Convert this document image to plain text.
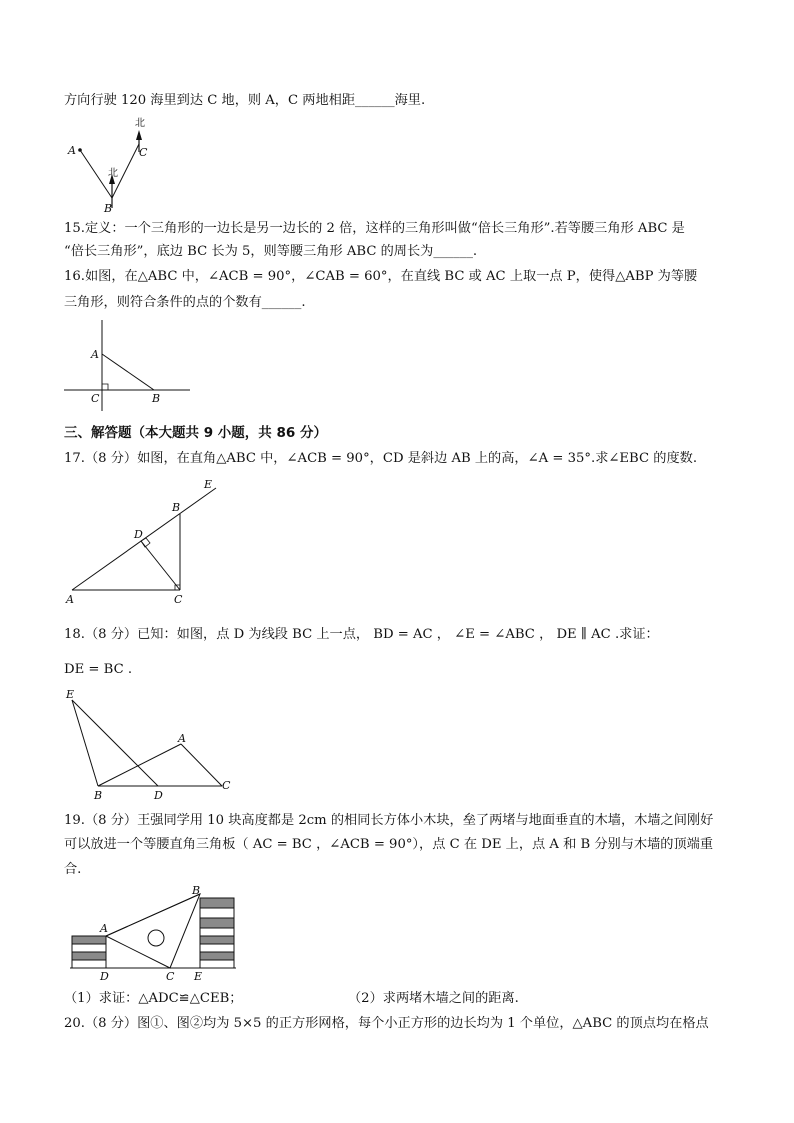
方向行驶 120 海里到达 C 地，则 A，C 两地相距______海里.
北
北
A
B
C
15.定义：一个三角形的一边长是另一边长的 2 倍，这样的三角形叫做“倍长三角形”.若等腰三角形 ABC 是
“倍长三角形”，底边 BC 长为 5，则等腰三角形 ABC 的周长为______.
16.如图，在△ABC 中，∠ACB = 90°，∠CAB = 60°，在直线 BC 或 AC 上取一点 P，使得△ABP 为等腰
三角形，则符合条件的点的个数有______.
A
C	B
三、解答题（本大题共 9 小题，共 86 分）
17.（8 分）如图，在直角△ABC 中，∠ACB = 90°，CD 是斜边 AB 上的高，∠A = 35°.求∠EBC 的度数.
A	C
B
D
E
18.（8 分）已知：如图，点 D 为线段 BC 上一点， BD = AC ， ∠E = ∠ABC ， DE ∥ AC .求证：
DE = BC .
E
A
B	D
C
19.（8 分）王强同学用 10 块高度都是 2cm 的相同长方体小木块，垒了两堵与地面垂直的木墙，木墙之间刚好
可以放进一个等腰直角三角板（ AC = BC ，∠ACB = 90°），点 C 在 DE 上，点 A 和 B 分别与木墙的顶端重
合.
A
B
C
D	E
（1）求证：△ADC≌△CEB；	（2）求两堵木墙之间的距离.
20.（8 分）图①、图②均为 5×5 的正方形网格，每个小正方形的边长均为 1 个单位，△ABC 的顶点均在格点
